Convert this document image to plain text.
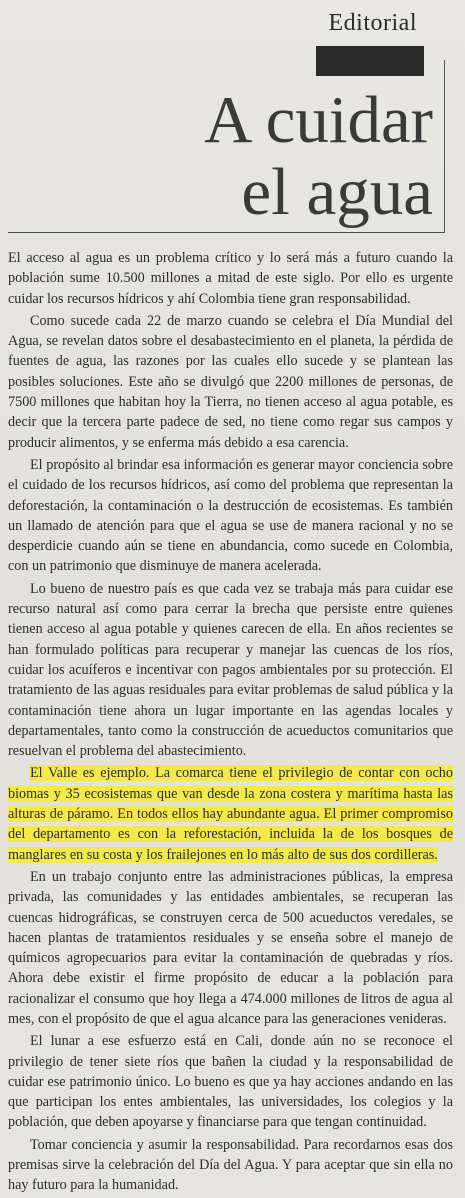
Editorial
A cuidar
el agua

El acceso al agua es un problema crítico y lo será más a futuro cuando la población sume 10.500 millones a mitad de este siglo. Por ello es urgente cuidar los recursos hídricos y ahí Colombia tiene gran responsabilidad.

Como sucede cada 22 de marzo cuando se celebra el Día Mundial del Agua, se revelan datos sobre el desabastecimiento en el planeta, la pérdida de fuentes de agua, las razones por las cuales ello sucede y se plantean las posibles soluciones. Este año se divulgó que 2200 millones de personas, de 7500 millones que habitan hoy la Tierra, no tienen acceso al agua potable, es decir que la tercera parte padece de sed, no tiene como regar sus campos y producir alimentos, y se enferma más debido a esa carencia.

El propósito al brindar esa información es generar mayor conciencia sobre el cuidado de los recursos hídricos, así como del problema que representan la deforestación, la contaminación o la destrucción de ecosistemas. Es también un llamado de atención para que el agua se use de manera racional y no se desperdicie cuando aún se tiene en abundancia, como sucede en Colombia, con un patrimonio que disminuye de manera acelerada.

Lo bueno de nuestro país es que cada vez se trabaja más para cuidar ese recurso natural así como para cerrar la brecha que persiste entre quienes tienen acceso al agua potable y quienes carecen de ella. En años recientes se han formulado políticas para recuperar y manejar las cuencas de los ríos, cuidar los acuíferos e incentivar con pagos ambientales por su protección. El tratamiento de las aguas residuales para evitar problemas de salud pública y la contaminación tiene ahora un lugar importante en las agendas locales y departamentales, tanto como la construcción de acueductos comunitarios que resuelvan el problema del abastecimiento.

El Valle es ejemplo. La comarca tiene el privilegio de contar con ocho biomas y 35 ecosistemas que van desde la zona costera y marítima hasta las alturas de páramo. En todos ellos hay abundante agua. El primer compromiso del departamento es con la reforestación, incluida la de los bosques de manglares en su costa y los frailejones en lo más alto de sus dos cordilleras.

En un trabajo conjunto entre las administraciones públicas, la empresa privada, las comunidades y las entidades ambientales, se recuperan las cuencas hidrográficas, se construyen cerca de 500 acueductos veredales, se hacen plantas de tratamientos residuales y se enseña sobre el manejo de químicos agropecuarios para evitar la contaminación de quebradas y ríos. Ahora debe existir el firme propósito de educar a la población para racionalizar el consumo que hoy llega a 474.000 millones de litros de agua al mes, con el propósito de que el agua alcance para las generaciones venideras.

El lunar a ese esfuerzo está en Cali, donde aún no se reconoce el privilegio de tener siete ríos que bañen la ciudad y la responsabilidad de cuidar ese patrimonio único. Lo bueno es que ya hay acciones andando en las que participan los entes ambientales, las universidades, los colegios y la población, que deben apoyarse y financiarse para que tengan continuidad.

Tomar conciencia y asumir la responsabilidad. Para recordarnos esas dos premisas sirve la celebración del Día del Agua. Y para aceptar que sin ella no hay futuro para la humanidad.
